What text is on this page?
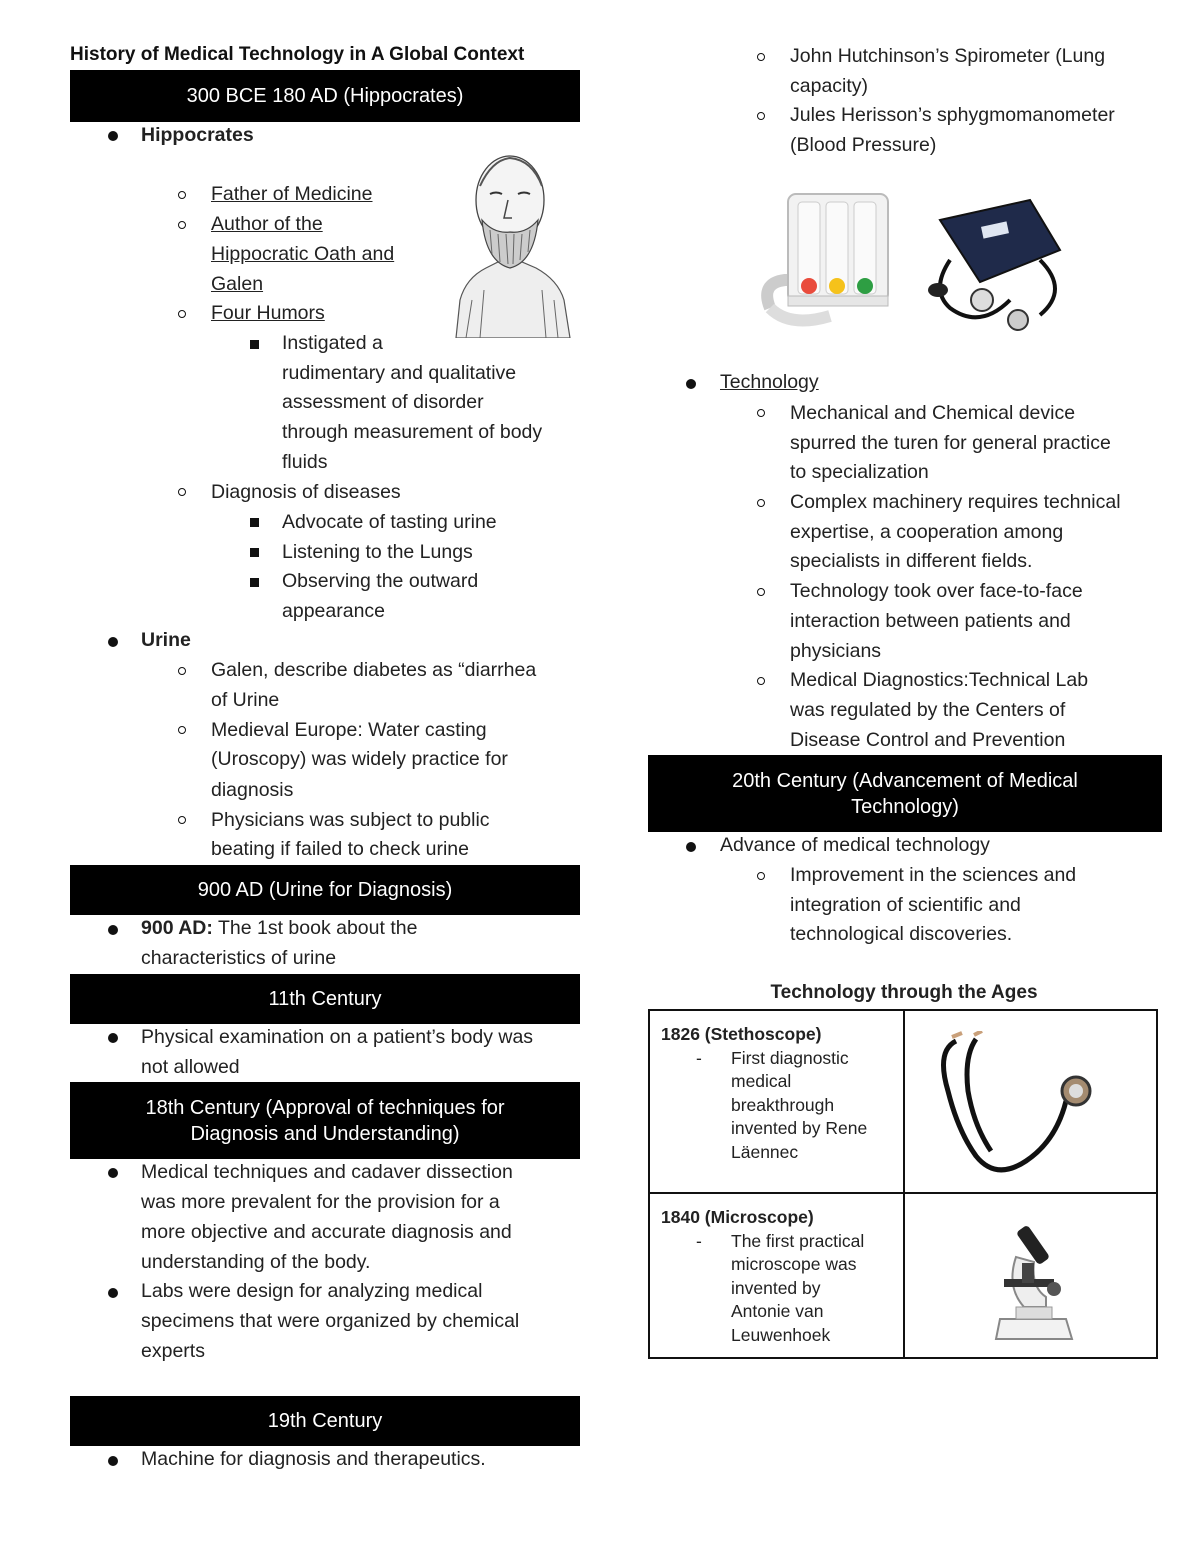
History of Medical Technology in A Global Context
300 BCE 180 AD (Hippocrates)
Hippocrates
Father of Medicine
Author of the
Hippocratic Oath and
Galen
Four Humors
Instigated a
rudimentary and qualitative
assessment of disorder
through measurement of body
fluids
Diagnosis of diseases
Advocate of tasting urine
Listening to the Lungs
Observing the outward
appearance
Urine
Galen, describe diabetes as “diarrhea
of Urine
Medieval Europe: Water casting
(Uroscopy) was widely practice for
diagnosis
Physicians was subject to public
beating if failed to check urine
900 AD (Urine for Diagnosis)
900 AD: The 1st book about the
characteristics of urine
11th Century
Physical examination on a patient’s body was
not allowed
18th Century (Approval of techniques for
Diagnosis and Understanding)
Medical techniques and cadaver dissection
was more prevalent for the provision for a
more objective and accurate diagnosis and
understanding of the body.
Labs were design for analyzing medical
specimens that were organized by chemical
experts
19th Century
Machine for diagnosis and therapeutics.
John Hutchinson’s Spirometer (Lung
capacity)
Jules Herisson’s sphygmomanometer
(Blood Pressure)
Technology
Mechanical and Chemical device
spurred the turen for general practice
to specialization
Complex machinery requires technical
expertise, a cooperation among
specialists in different fields.
Technology took over face-to-face
interaction between patients and
physicians
Medical Diagnostics:Technical Lab
was regulated by the Centers of
Disease Control and Prevention
20th Century (Advancement of Medical
Technology)
Advance of medical technology
Improvement in the sciences and
integration of scientific and
technological discoveries.
Technology through the Ages
1826 (Stethoscope)
- First diagnostic
medical
breakthrough
invented by Rene
Läennec
1840 (Microscope)
- The first practical
microscope was
invented by
Antonie van
Leuwenhoek
